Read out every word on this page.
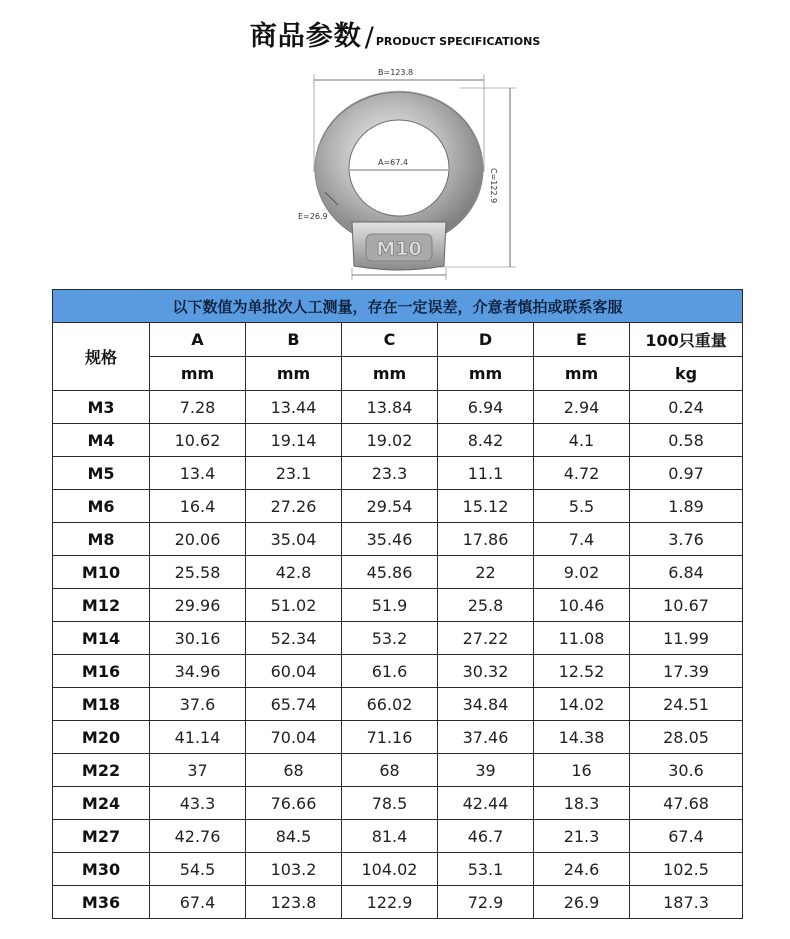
商品参数 / PRODUCT SPECIFICATIONS
M10
B=123.8
A=67.4
C=122.9
E=26.9
以下数值为单批次人工测量，存在一定误差，介意者慎拍或联系客服						
规格	A	B	C	D	E	100只重量
	mm	mm	mm	mm	mm	kg
M3	7.28	13.44	13.84	6.94	2.94	0.24
M4	10.62	19.14	19.02	8.42	4.1	0.58
M5	13.4	23.1	23.3	11.1	4.72	0.97
M6	16.4	27.26	29.54	15.12	5.5	1.89
M8	20.06	35.04	35.46	17.86	7.4	3.76
M10	25.58	42.8	45.86	22	9.02	6.84
M12	29.96	51.02	51.9	25.8	10.46	10.67
M14	30.16	52.34	53.2	27.22	11.08	11.99
M16	34.96	60.04	61.6	30.32	12.52	17.39
M18	37.6	65.74	66.02	34.84	14.02	24.51
M20	41.14	70.04	71.16	37.46	14.38	28.05
M22	37	68	68	39	16	30.6
M24	43.3	76.66	78.5	42.44	18.3	47.68
M27	42.76	84.5	81.4	46.7	21.3	67.4
M30	54.5	103.2	104.02	53.1	24.6	102.5
M36	67.4	123.8	122.9	72.9	26.9	187.3
